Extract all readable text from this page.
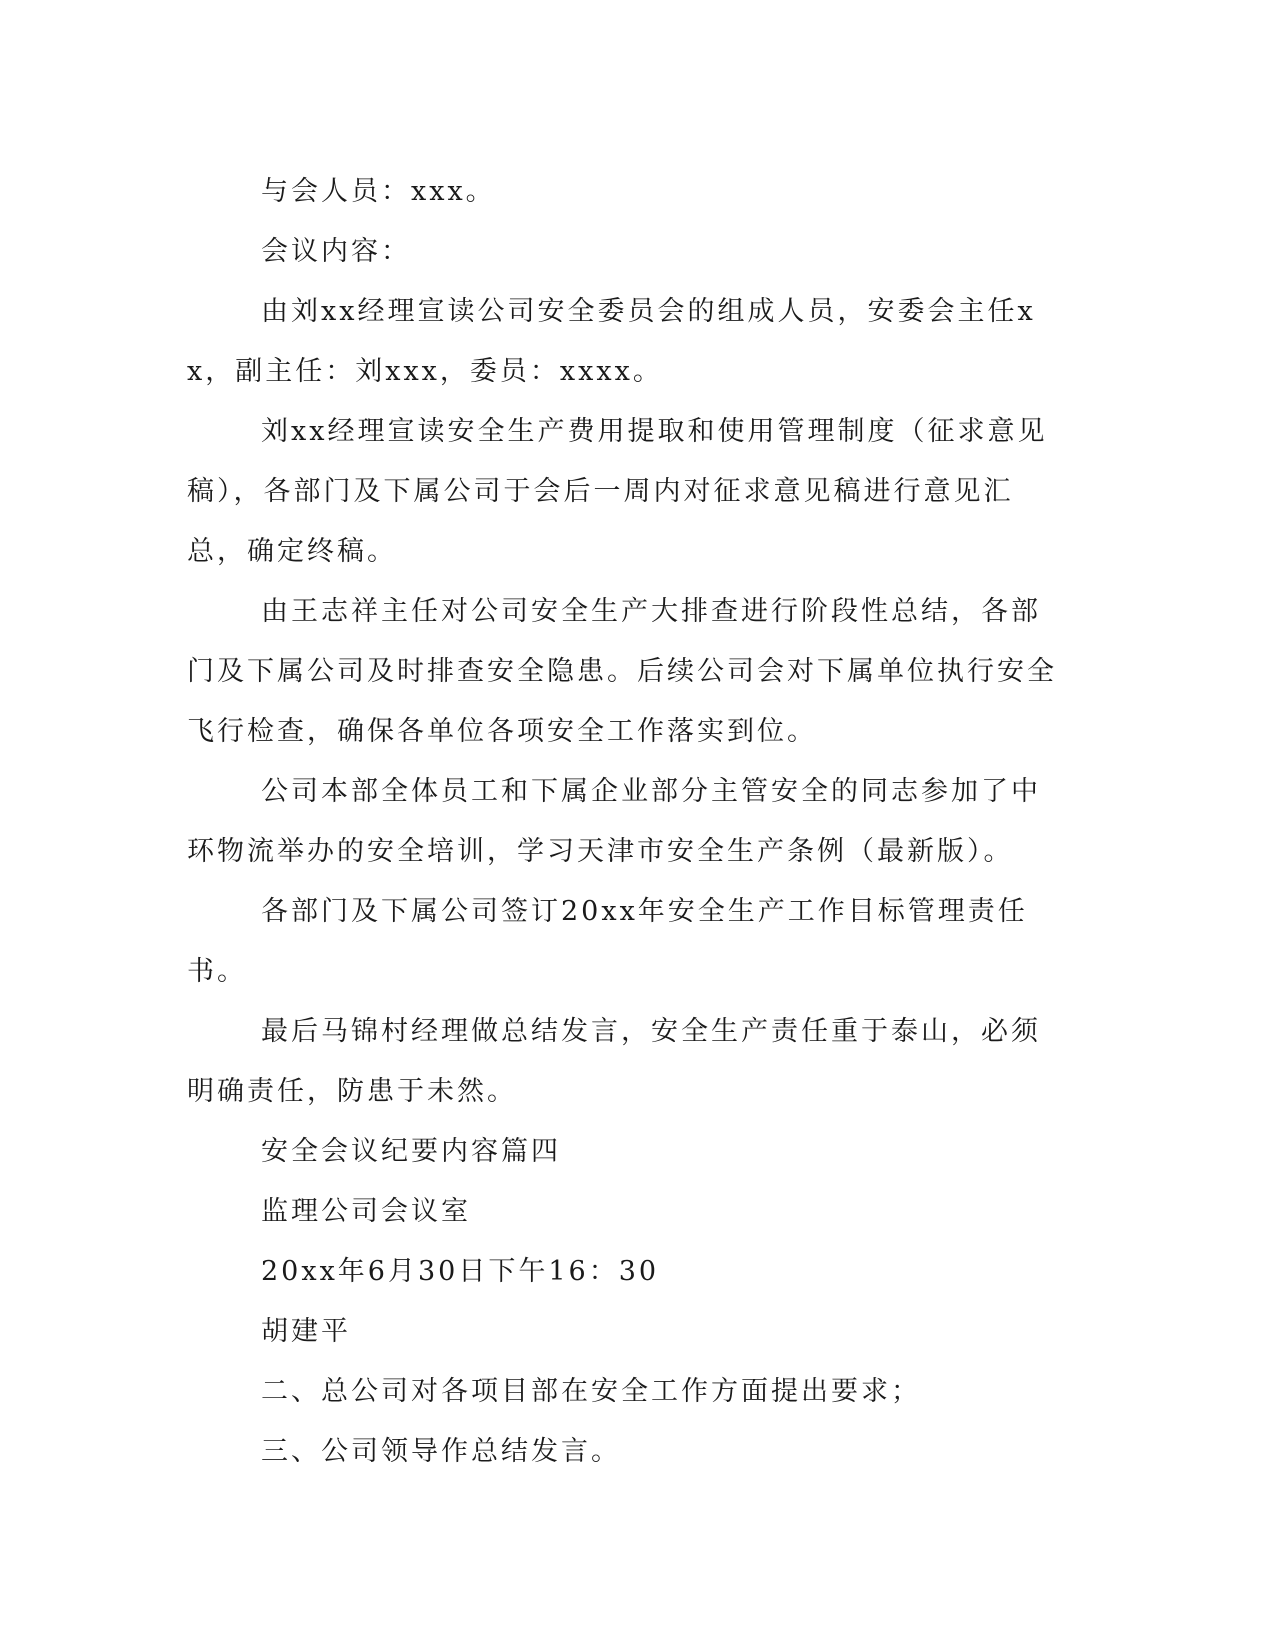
与会人员：xxx。

会议内容：

由刘xx经理宣读公司安全委员会的组成人员，安委会主任xx，副主任：刘xxx，委员：xxxx。

刘xx经理宣读安全生产费用提取和使用管理制度（征求意见稿），各部门及下属公司于会后一周内对征求意见稿进行意见汇总，确定终稿。

由王志祥主任对公司安全生产大排查进行阶段性总结，各部门及下属公司及时排查安全隐患。后续公司会对下属单位执行安全飞行检查，确保各单位各项安全工作落实到位。

公司本部全体员工和下属企业部分主管安全的同志参加了中环物流举办的安全培训，学习天津市安全生产条例（最新版）。

各部门及下属公司签订20xx年安全生产工作目标管理责任书。

最后马锦村经理做总结发言，安全生产责任重于泰山，必须明确责任，防患于未然。

安全会议纪要内容篇四

监理公司会议室

20xx年6月30日下午16：30

胡建平

二、总公司对各项目部在安全工作方面提出要求；

三、公司领导作总结发言。
